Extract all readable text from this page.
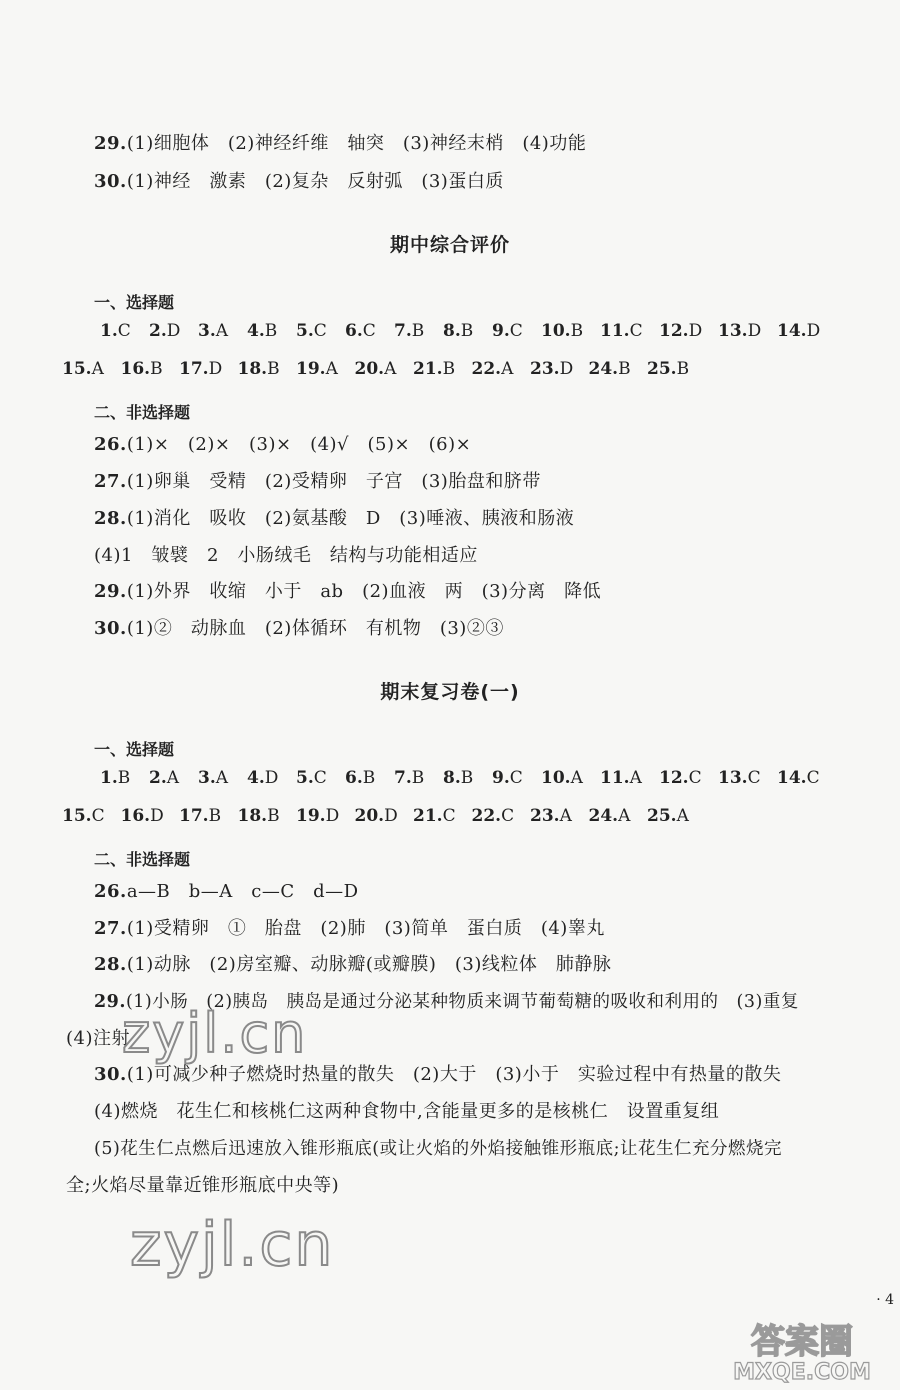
29.(1)细胞体　(2)神经纤维　轴突　(3)神经末梢　(4)功能
30.(1)神经　激素　(2)复杂　反射弧　(3)蛋白质
期中综合评价
一、选择题
1.C 2.D 3.A 4.B 5.C 6.C 7.B 8.B 9.C 10.B 11.C 12.D 13.D 14.D
15.A 16.B 17.D 18.B 19.A 20.A 21.B 22.A 23.D 24.B 25.B
二、非选择题
26.(1)×　(2)×　(3)×　(4)√　(5)×　(6)×
27.(1)卵巢　受精　(2)受精卵　子宫　(3)胎盘和脐带
28.(1)消化　吸收　(2)氨基酸　D　(3)唾液、胰液和肠液
(4)1　皱襞　2　小肠绒毛　结构与功能相适应
29.(1)外界　收缩　小于　ab　(2)血液　两　(3)分离　降低
30.(1)②　动脉血　(2)体循环　有机物　(3)②③
期末复习卷(一)
一、选择题
1.B 2.A 3.A 4.D 5.C 6.B 7.B 8.B 9.C 10.A 11.A 12.C 13.C 14.C
15.C 16.D 17.B 18.B 19.D 20.D 21.C 22.C 23.A 24.A 25.A
二、非选择题
26.a—B　b—A　c—C　d—D
27.(1)受精卵　①　胎盘　(2)肺　(3)简单　蛋白质　(4)睾丸
28.(1)动脉　(2)房室瓣、动脉瓣(或瓣膜)　(3)线粒体　肺静脉
29.(1)小肠　(2)胰岛　胰岛是通过分泌某种物质来调节葡萄糖的吸收和利用的　(3)重复
(4)注射
30.(1)可减少种子燃烧时热量的散失　(2)大于　(3)小于　实验过程中有热量的散失
(4)燃烧　花生仁和核桃仁这两种食物中,含能量更多的是核桃仁　设置重复组
(5)花生仁点燃后迅速放入锥形瓶底(或让火焰的外焰接触锥形瓶底;让花生仁充分燃烧完
全;火焰尽量靠近锥形瓶底中央等)
zyjl.cn
zyjl.cn
· 4
答案圈
MXQE.COM
